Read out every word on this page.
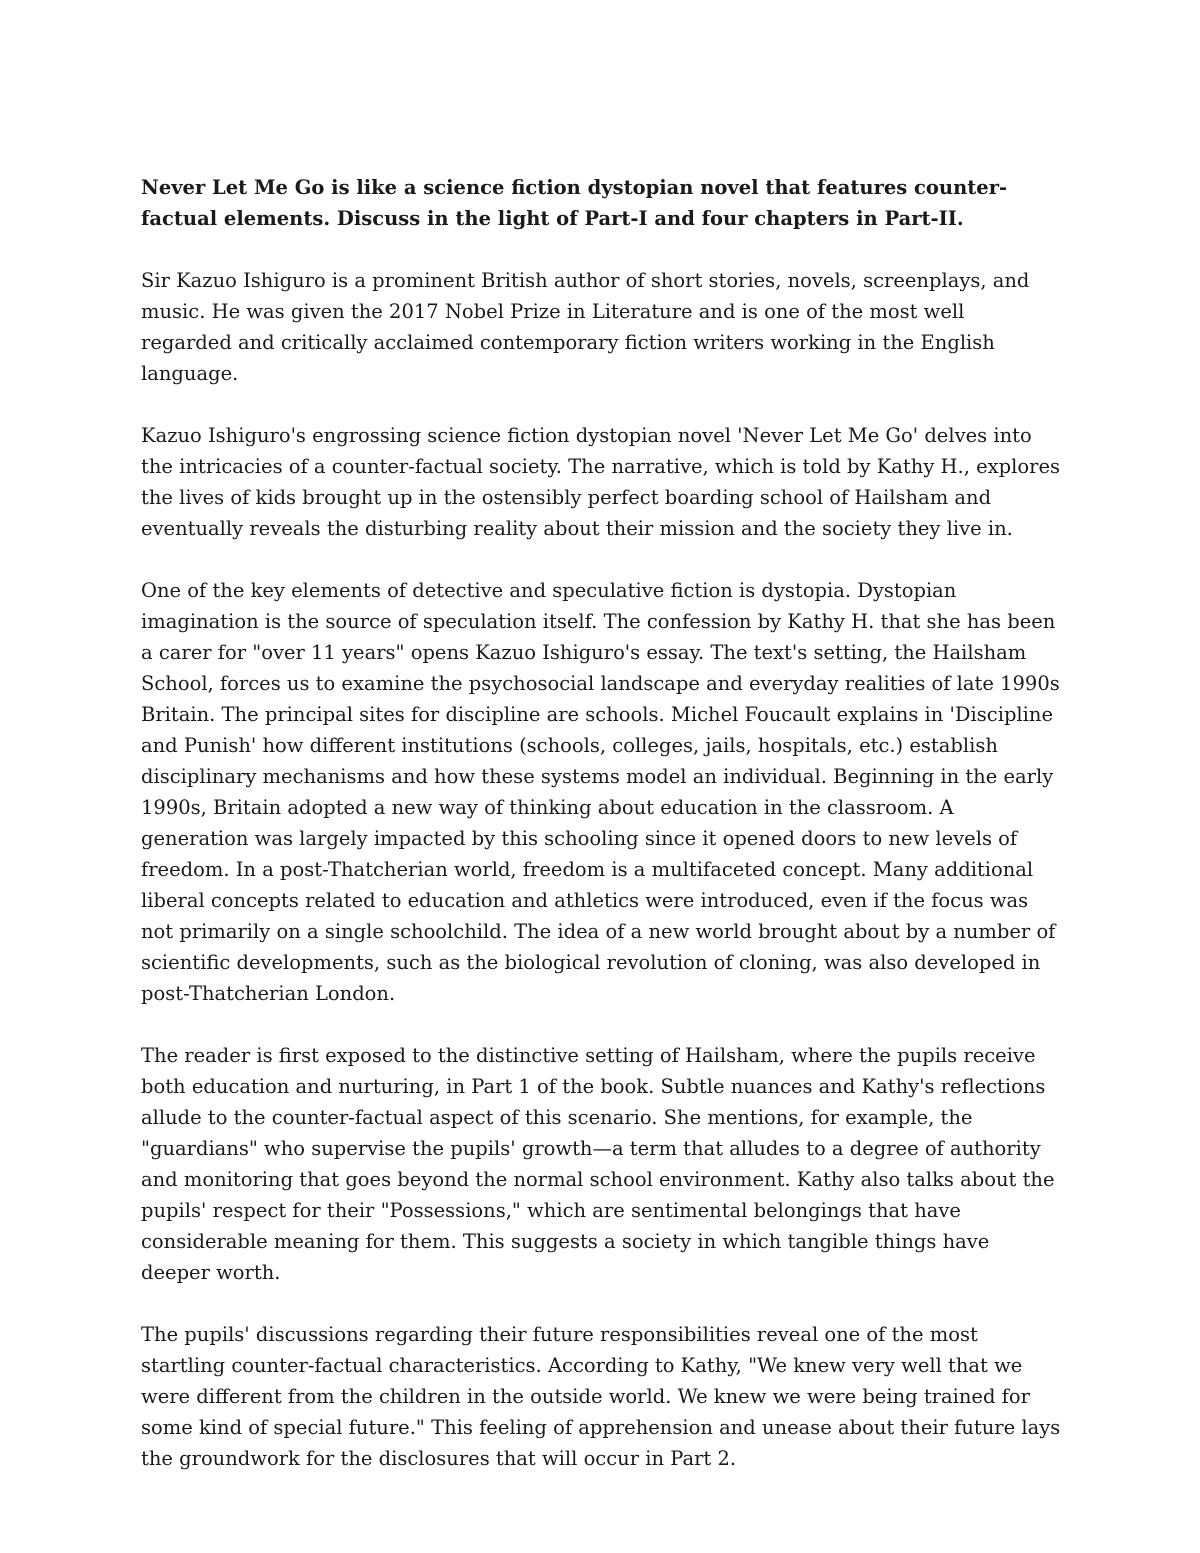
Never Let Me Go is like a science fiction dystopian novel that features counter-factual elements. Discuss in the light of Part-I and four chapters in Part-II.

Sir Kazuo Ishiguro is a prominent British author of short stories, novels, screenplays, and music. He was given the 2017 Nobel Prize in Literature and is one of the most well regarded and critically acclaimed contemporary fiction writers working in the English language.

Kazuo Ishiguro's engrossing science fiction dystopian novel 'Never Let Me Go' delves into the intricacies of a counter-factual society. The narrative, which is told by Kathy H., explores the lives of kids brought up in the ostensibly perfect boarding school of Hailsham and eventually reveals the disturbing reality about their mission and the society they live in.

One of the key elements of detective and speculative fiction is dystopia. Dystopian imagination is the source of speculation itself. The confession by Kathy H. that she has been a carer for "over 11 years" opens Kazuo Ishiguro's essay. The text's setting, the Hailsham School, forces us to examine the psychosocial landscape and everyday realities of late 1990s Britain. The principal sites for discipline are schools. Michel Foucault explains in 'Discipline and Punish' how different institutions (schools, colleges, jails, hospitals, etc.) establish disciplinary mechanisms and how these systems model an individual. Beginning in the early 1990s, Britain adopted a new way of thinking about education in the classroom. A generation was largely impacted by this schooling since it opened doors to new levels of freedom. In a post-Thatcherian world, freedom is a multifaceted concept. Many additional liberal concepts related to education and athletics were introduced, even if the focus was not primarily on a single schoolchild. The idea of a new world brought about by a number of scientific developments, such as the biological revolution of cloning, was also developed in post-Thatcherian London.

The reader is first exposed to the distinctive setting of Hailsham, where the pupils receive both education and nurturing, in Part 1 of the book. Subtle nuances and Kathy's reflections allude to the counter-factual aspect of this scenario. She mentions, for example, the "guardians" who supervise the pupils' growth—a term that alludes to a degree of authority and monitoring that goes beyond the normal school environment. Kathy also talks about the pupils' respect for their "Possessions," which are sentimental belongings that have considerable meaning for them. This suggests a society in which tangible things have deeper worth.

The pupils' discussions regarding their future responsibilities reveal one of the most startling counter-factual characteristics. According to Kathy, "We knew very well that we were different from the children in the outside world. We knew we were being trained for some kind of special future." This feeling of apprehension and unease about their future lays the groundwork for the disclosures that will occur in Part 2.
